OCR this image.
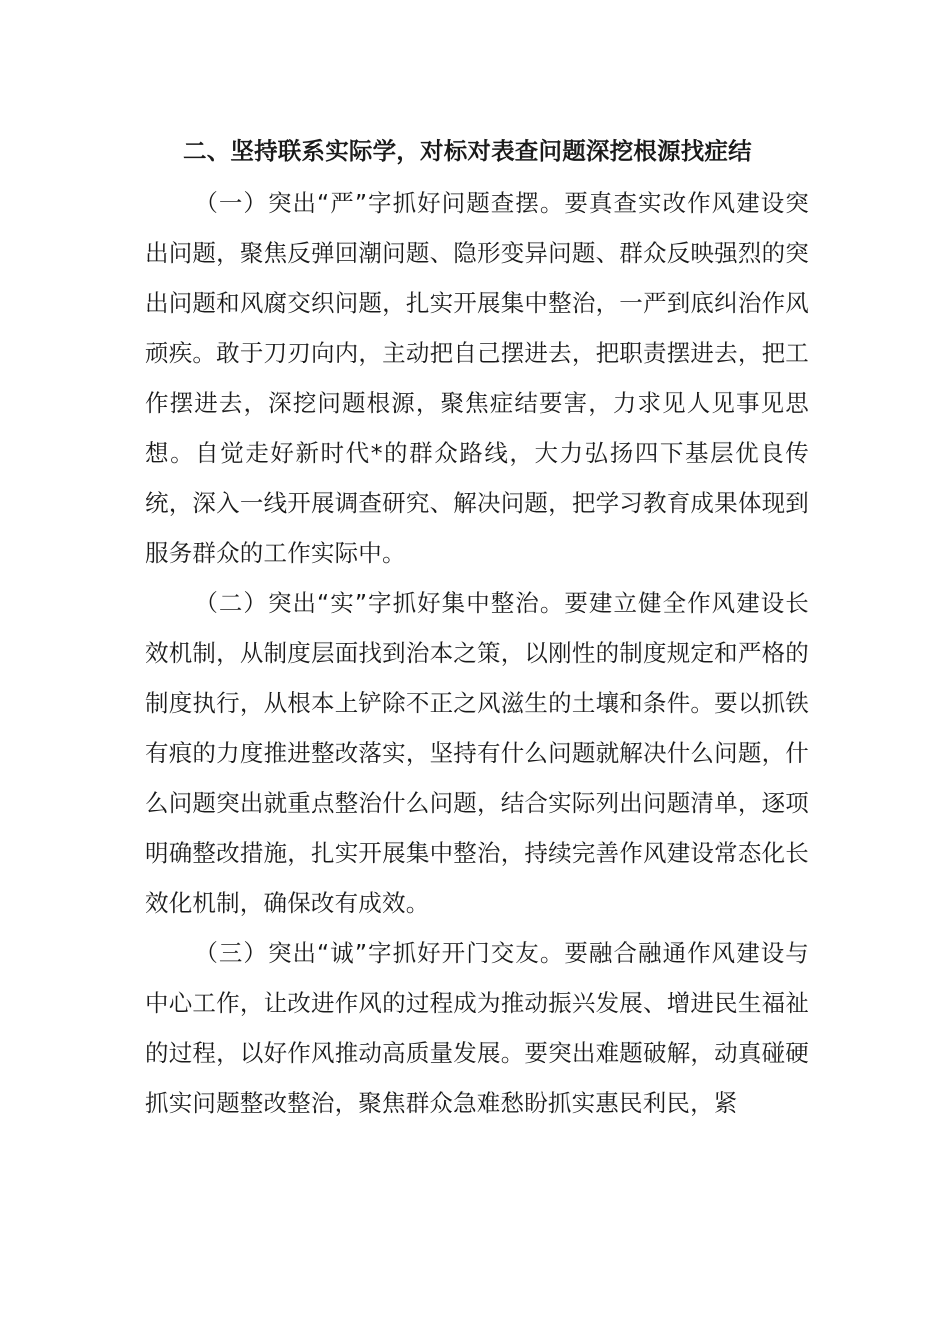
二、坚持联系实际学，对标对表查问题深挖根源找症结

（一）突出“严”字抓好问题查摆。要真查实改作风建设突出问题，聚焦反弹回潮问题、隐形变异问题、群众反映强烈的突出问题和风腐交织问题，扎实开展集中整治，一严到底纠治作风顽疾。敢于刀刃向内，主动把自己摆进去，把职责摆进去，把工作摆进去，深挖问题根源，聚焦症结要害，力求见人见事见思想。自觉走好新时代*的群众路线，大力弘扬四下基层优良传统，深入一线开展调查研究、解决问题，把学习教育成果体现到服务群众的工作实际中。

（二）突出“实”字抓好集中整治。要建立健全作风建设长效机制，从制度层面找到治本之策，以刚性的制度规定和严格的制度执行，从根本上铲除不正之风滋生的土壤和条件。要以抓铁有痕的力度推进整改落实，坚持有什么问题就解决什么问题，什么问题突出就重点整治什么问题，结合实际列出问题清单，逐项明确整改措施，扎实开展集中整治，持续完善作风建设常态化长效化机制，确保改有成效。

（三）突出“诚”字抓好开门交友。要融合融通作风建设与中心工作，让改进作风的过程成为推动振兴发展、增进民生福祉的过程，以好作风推动高质量发展。要突出难题破解，动真碰硬抓实问题整改整治，聚焦群众急难愁盼抓实惠民利民，紧
